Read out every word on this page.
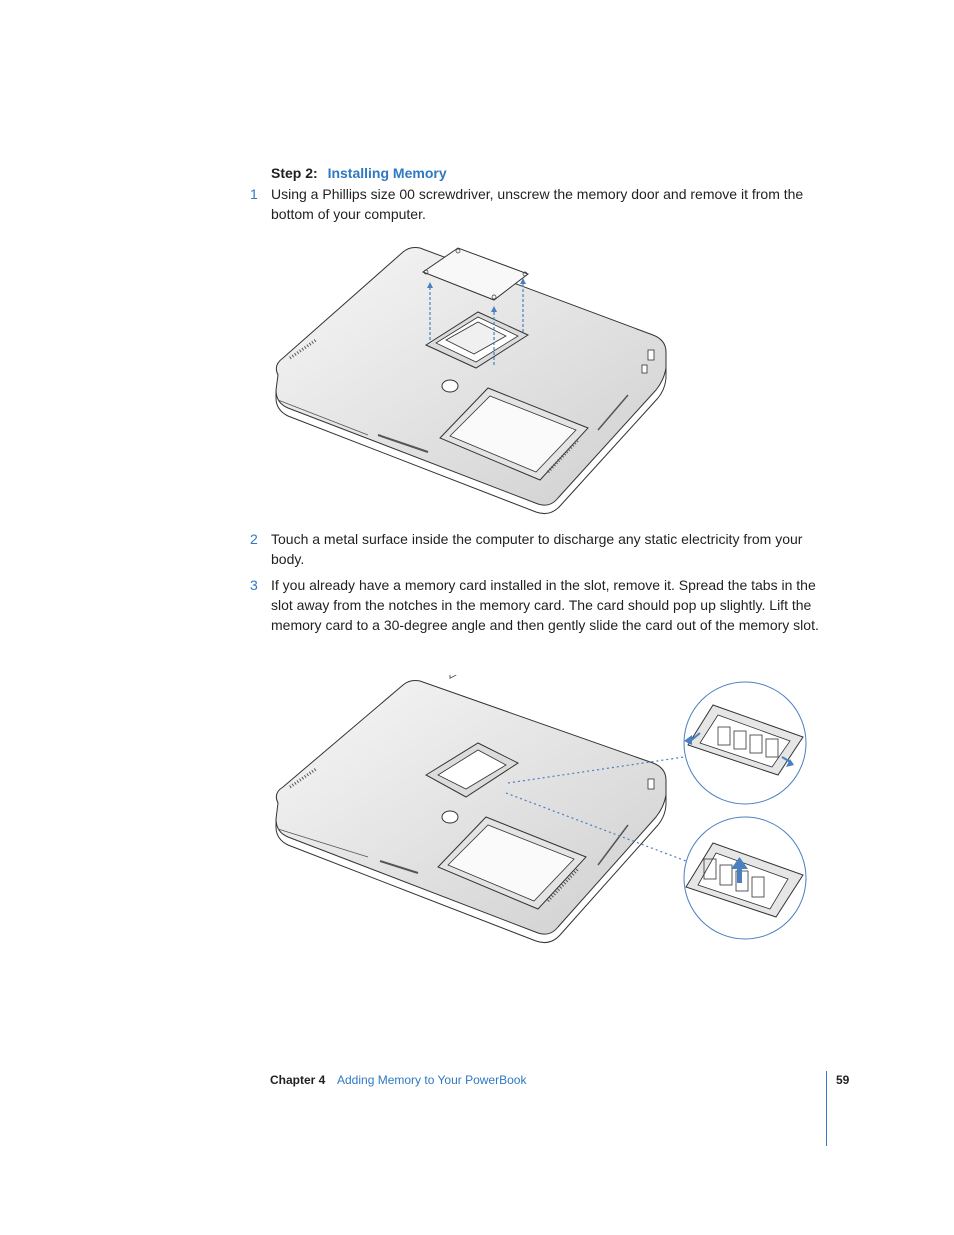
Step 2: Installing Memory
1 Using a Phillips size 00 screwdriver, unscrew the memory door and remove it from the bottom of your computer.
2 Touch a metal surface inside the computer to discharge any static electricity from your body.
3 If you already have a memory card installed in the slot, remove it. Spread the tabs in the slot away from the notches in the memory card. The card should pop up slightly. Lift the memory card to a 30-degree angle and then gently slide the card out of the memory slot.
Chapter 4 Adding Memory to Your PowerBook	59
